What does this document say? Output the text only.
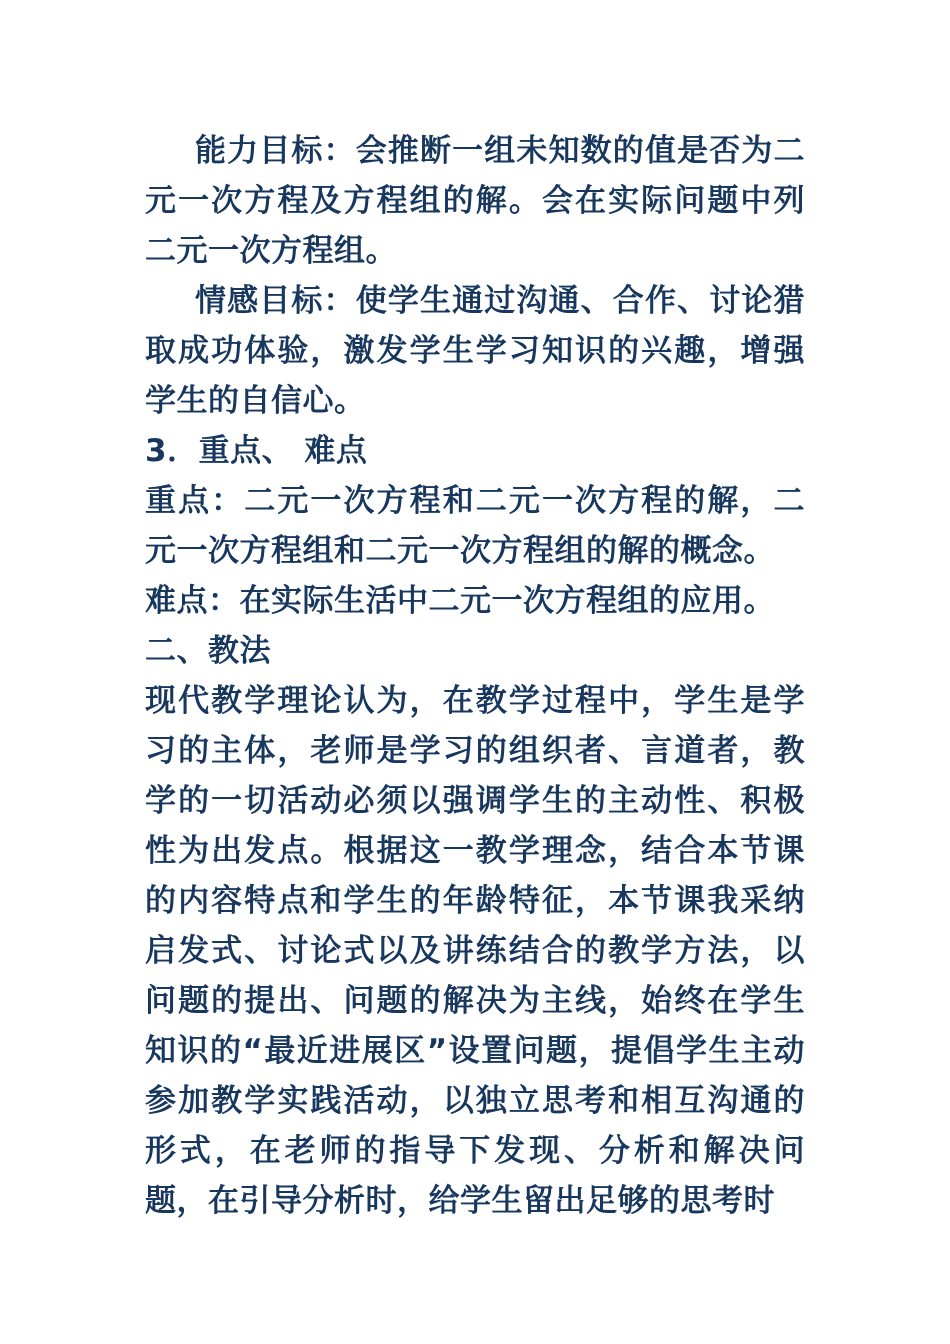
能力目标：会推断一组未知数的值是否为二元一次方程及方程组的解。会在实际问题中列二元一次方程组。

情感目标：使学生通过沟通、合作、讨论猎取成功体验，激发学生学习知识的兴趣，增强学生的自信心。

3．重点、 难点

重点：二元一次方程和二元一次方程的解，二元一次方程组和二元一次方程组的解的概念。

难点：在实际生活中二元一次方程组的应用。

二、教法

现代教学理论认为，在教学过程中，学生是学习的主体，老师是学习的组织者、言道者，教学的一切活动必须以强调学生的主动性、积极性为出发点。根据这一教学理念，结合本节课的内容特点和学生的年龄特征，本节课我采纳启发式、讨论式以及讲练结合的教学方法，以问题的提出、问题的解决为主线，始终在学生知识的“最近进展区”设置问题，提倡学生主动参加教学实践活动，以独立思考和相互沟通的形式，在老师的指导下发现、分析和解决问题，在引导分析时，给学生留出足够的思考时
